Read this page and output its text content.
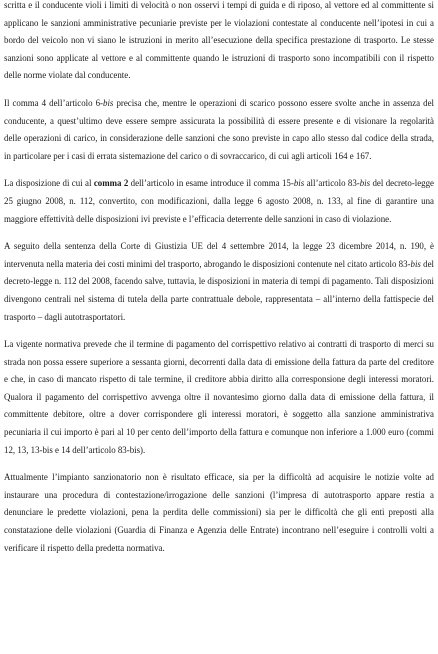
scritta e il conducente violi i limiti di velocità o non osservi i tempi di guida e di riposo, al vettore ed al committente si applicano le sanzioni amministrative pecuniarie previste per le violazioni contestate al conducente nell’ipotesi in cui a bordo del veicolo non vi siano le istruzioni in merito all’esecuzione della specifica prestazione di trasporto. Le stesse sanzioni sono applicate al vettore e al committente quando le istruzioni di trasporto sono incompatibili con il rispetto delle norme violate dal conducente.

Il comma 4 dell’articolo 6-bis precisa che, mentre le operazioni di scarico possono essere svolte anche in assenza del conducente, a quest’ultimo deve essere sempre assicurata la possibilità di essere presente e di visionare la regolarità delle operazioni di carico, in considerazione delle sanzioni che sono previste in capo allo stesso dal codice della strada, in particolare per i casi di errata sistemazione del carico o di sovraccarico, di cui agli articoli 164 e 167.

La disposizione di cui al comma 2 dell’articolo in esame introduce il comma 15-bis all’articolo 83-bis del decreto-legge 25 giugno 2008, n. 112, convertito, con modificazioni, dalla legge 6 agosto 2008, n. 133, al fine di garantire una maggiore effettività delle disposizioni ivi previste e l’efficacia deterrente delle sanzioni in caso di violazione.

A seguito della sentenza della Corte di Giustizia UE del 4 settembre 2014, la legge 23 dicembre 2014, n. 190, è intervenuta nella materia dei costi minimi del trasporto, abrogando le disposizioni contenute nel citato articolo 83-bis del decreto-legge n. 112 del 2008, facendo salve, tuttavia, le disposizioni in materia di tempi di pagamento. Tali disposizioni divengono centrali nel sistema di tutela della parte contrattuale debole, rappresentata – all’interno della fattispecie del trasporto – dagli autotrasportatori.

La vigente normativa prevede che il termine di pagamento del corrispettivo relativo ai contratti di trasporto di merci su strada non possa essere superiore a sessanta giorni, decorrenti dalla data di emissione della fattura da parte del creditore e che, in caso di mancato rispetto di tale termine, il creditore abbia diritto alla corresponsione degli interessi moratori. Qualora il pagamento del corrispettivo avvenga oltre il novantesimo giorno dalla data di emissione della fattura, il committente debitore, oltre a dover corrispondere gli interessi moratori, è soggetto alla sanzione amministrativa pecuniaria il cui importo è pari al 10 per cento dell’importo della fattura e comunque non inferiore a 1.000 euro (commi 12, 13, 13-bis e 14 dell’articolo 83-bis).

Attualmente l’impianto sanzionatorio non è risultato efficace, sia per la difficoltà ad acquisire le notizie volte ad instaurare una procedura di contestazione/irrogazione delle sanzioni (l’impresa di autotrasporto appare restia a denunciare le predette violazioni, pena la perdita delle commissioni) sia per le difficoltà che gli enti preposti alla constatazione delle violazioni (Guardia di Finanza e Agenzia delle Entrate) incontrano nell’eseguire i controlli volti a verificare il rispetto della predetta normativa.
